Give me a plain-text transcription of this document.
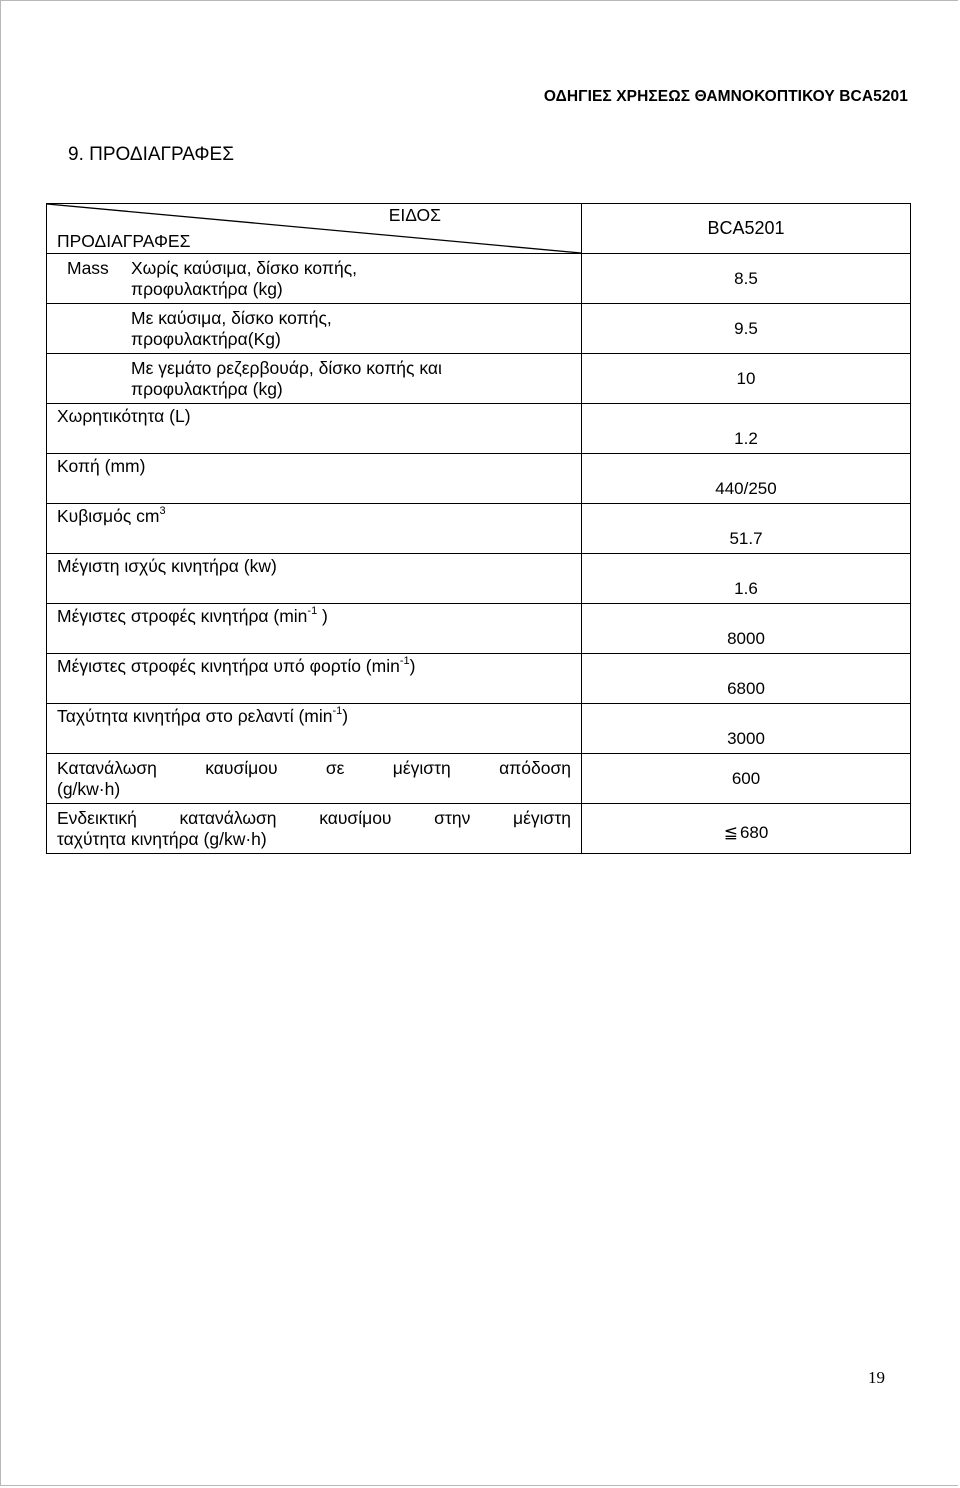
ΟΔΗΓΙΕΣ ΧΡΗΣΕΩΣ ΘΑΜΝΟΚΟΠΤΙΚΟΥ BCA5201
9. ΠΡΟΔΙΑΓΡΑΦΕΣ
ΕΙΔΟΣ
ΠΡΟΔΙΑΓΡΑΦΕΣ	BCA5201

Mass Χωρίς καύσιμα, δίσκο κοπής,
προφυλακτήρα (kg)	8.5

Με καύσιμα, δίσκο κοπής,
προφυλακτήρα(Kg)	9.5

Με γεμάτο ρεζερβουάρ, δίσκο κοπής και
προφυλακτήρα (kg)	10
Χωρητικότητα (L)	1.2
Κοπή (mm)	440/250
Κυβισμός $cm^3$	51.7
Μέγιστη ισχύς κινητήρα (kw)	1.6
Μέγιστες στροφές κινητήρα ($\min^{-1}$ )	8000
Μέγιστες στροφές κινητήρα υπό φορτίο $(\min^{-1})$	6800
Ταχύτητα κινητήρα στο ρελαντί $(\min^{-1})$	3000

Κατανάλωση καυσίμου σε μέγιστη απόδοση
(g/kw·h)	600

Ενδεικτική κατανάλωση καυσίμου στην μέγιστη
ταχύτητα κινητήρα (g/kw·h)	≦ 680
19
